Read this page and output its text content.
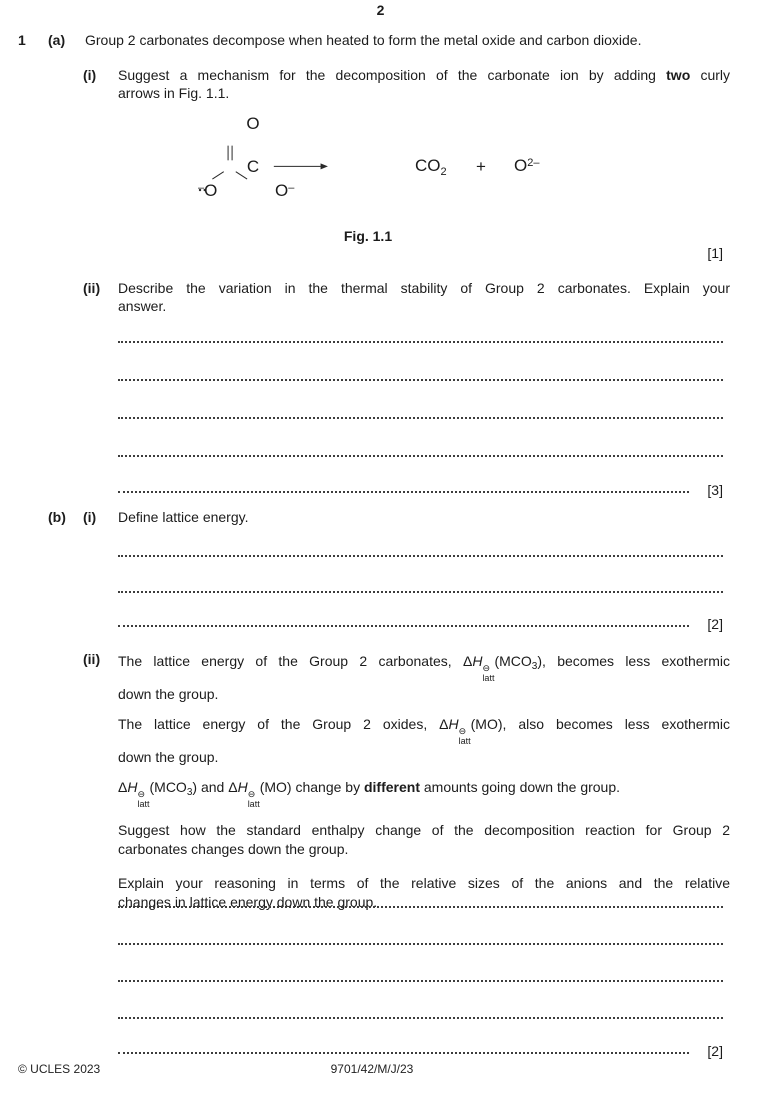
2
1	(a)	Group 2 carbonates decompose when heated to form the metal oxide and carbon dioxide.
(i)	Suggest a mechanism for the decomposition of the carbonate ion by adding two curly
arrows in Fig. 1.1.
O
C
–O	O–
$CO_2 + O^{2-}$
Fig. 1.1
[1]
(ii)	Describe the variation in the thermal stability of Group 2 carbonates. Explain your
answer.
[3]
(b)	(i)	Define lattice energy.
[2]
(ii)	The lattice energy of the Group 2 carbonates, ΔH ⊖
latt
$(MCO_3)$, becomes less exothermic
down the group.

The lattice energy of the Group 2 oxides, ΔH ⊖
latt
(MO), also becomes less exothermic
down the group.

ΔH ⊖
latt
$(MCO_3)$ and ΔH ⊖
latt
(MO) change by different amounts going down the group.

Suggest how the standard enthalpy change of the decomposition reaction for Group 2
carbonates changes down the group.

Explain your reasoning in terms of the relative sizes of the anions and the relative
changes in lattice energy down the group.

[2]
© UCLES 2023	9701/42/M/J/23
